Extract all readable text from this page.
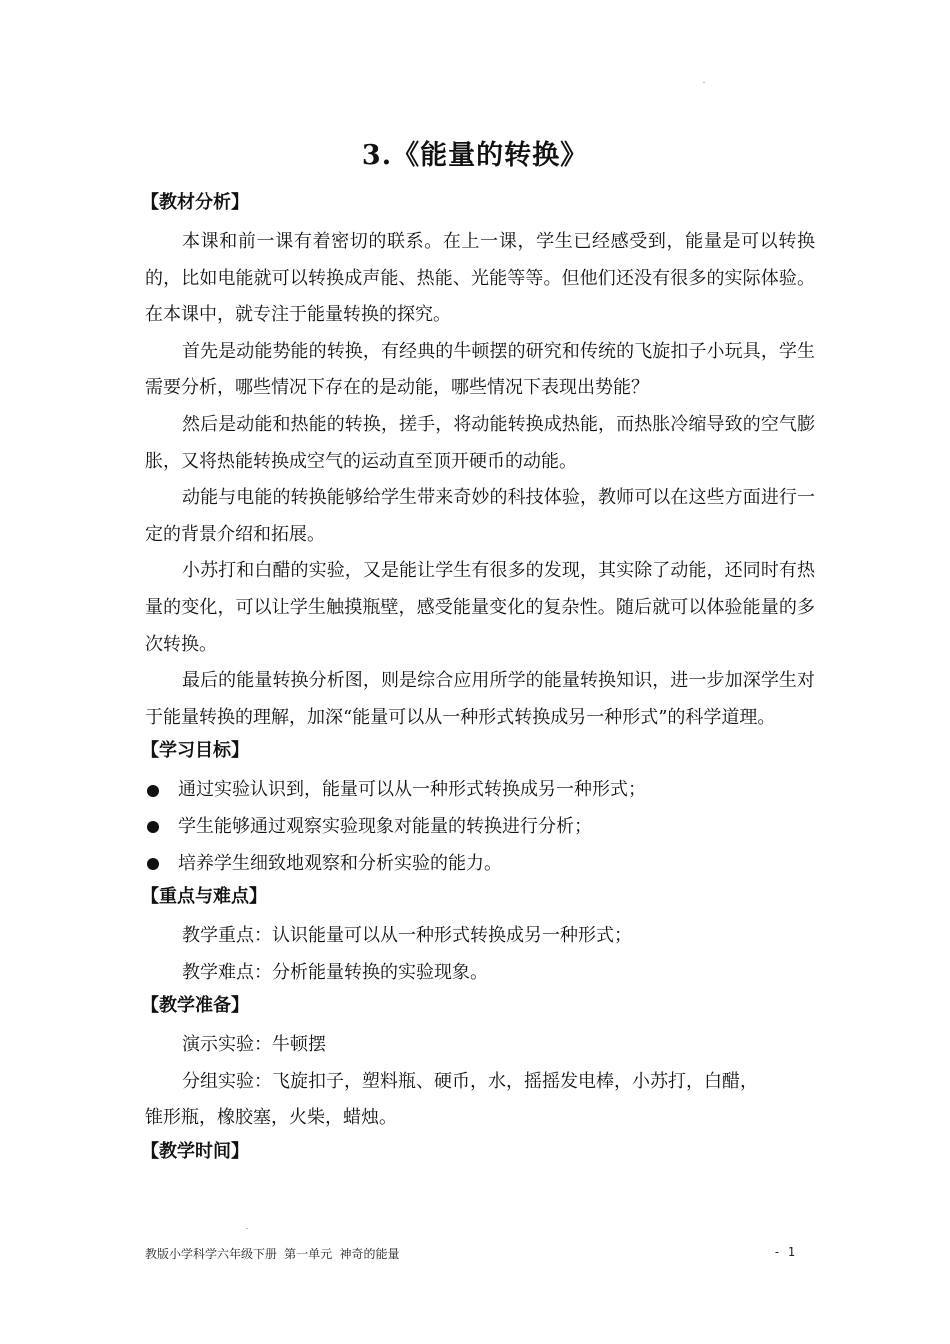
3.《能量的转换》
【教材分析】

本课和前一课有着密切的联系。在上一课，学生已经感受到，能量是可以转换的，比如电能就可以转换成声能、热能、光能等等。但他们还没有很多的实际体验。在本课中，就专注于能量转换的探究。

首先是动能势能的转换，有经典的牛顿摆的研究和传统的飞旋扣子小玩具，学生需要分析，哪些情况下存在的是动能，哪些情况下表现出势能？

然后是动能和热能的转换，搓手，将动能转换成热能，而热胀冷缩导致的空气膨胀，又将热能转换成空气的运动直至顶开硬币的动能。

动能与电能的转换能够给学生带来奇妙的科技体验，教师可以在这些方面进行一定的背景介绍和拓展。

小苏打和白醋的实验，又是能让学生有很多的发现，其实除了动能，还同时有热量的变化，可以让学生触摸瓶壁，感受能量变化的复杂性。随后就可以体验能量的多次转换。

最后的能量转换分析图，则是综合应用所学的能量转换知识，进一步加深学生对于能量转换的理解，加深“能量可以从一种形式转换成另一种形式”的科学道理。

【学习目标】
通过实验认识到，能量可以从一种形式转换成另一种形式；
学生能够通过观察实验现象对能量的转换进行分析；
培养学生细致地观察和分析实验的能力。
【重点与难点】
教学重点：认识能量可以从一种形式转换成另一种形式；
教学难点：分析能量转换的实验现象。
【教学准备】
演示实验：牛顿摆
分组实验：飞旋扣子，塑料瓶、硬币，水，摇摇发电棒，小苏打，白醋，
锥形瓶，橡胶塞，火柴，蜡烛。
【教学时间】
教版小学科学六年级下册 第一单元 神奇的能量	- 1
